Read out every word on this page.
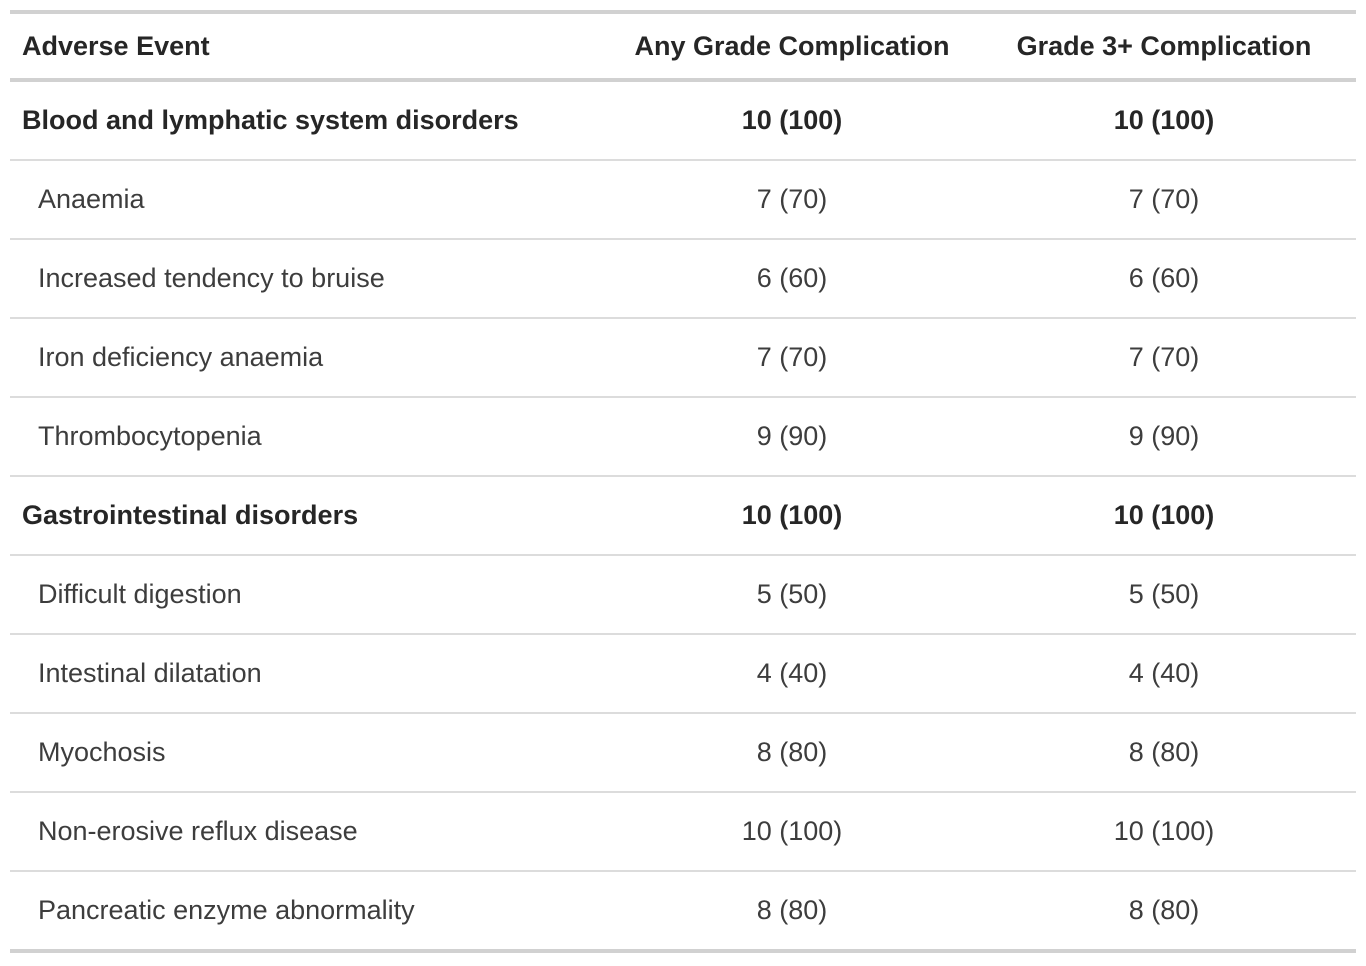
Adverse Event	Any Grade Complication	Grade 3+ Complication
Blood and lymphatic system disorders	10 (100)	10 (100)
Anaemia	7 (70)	7 (70)
Increased tendency to bruise	6 (60)	6 (60)
Iron deficiency anaemia	7 (70)	7 (70)
Thrombocytopenia	9 (90)	9 (90)
Gastrointestinal disorders	10 (100)	10 (100)
Difficult digestion	5 (50)	5 (50)
Intestinal dilatation	4 (40)	4 (40)
Myochosis	8 (80)	8 (80)
Non-erosive reflux disease	10 (100)	10 (100)
Pancreatic enzyme abnormality	8 (80)	8 (80)
